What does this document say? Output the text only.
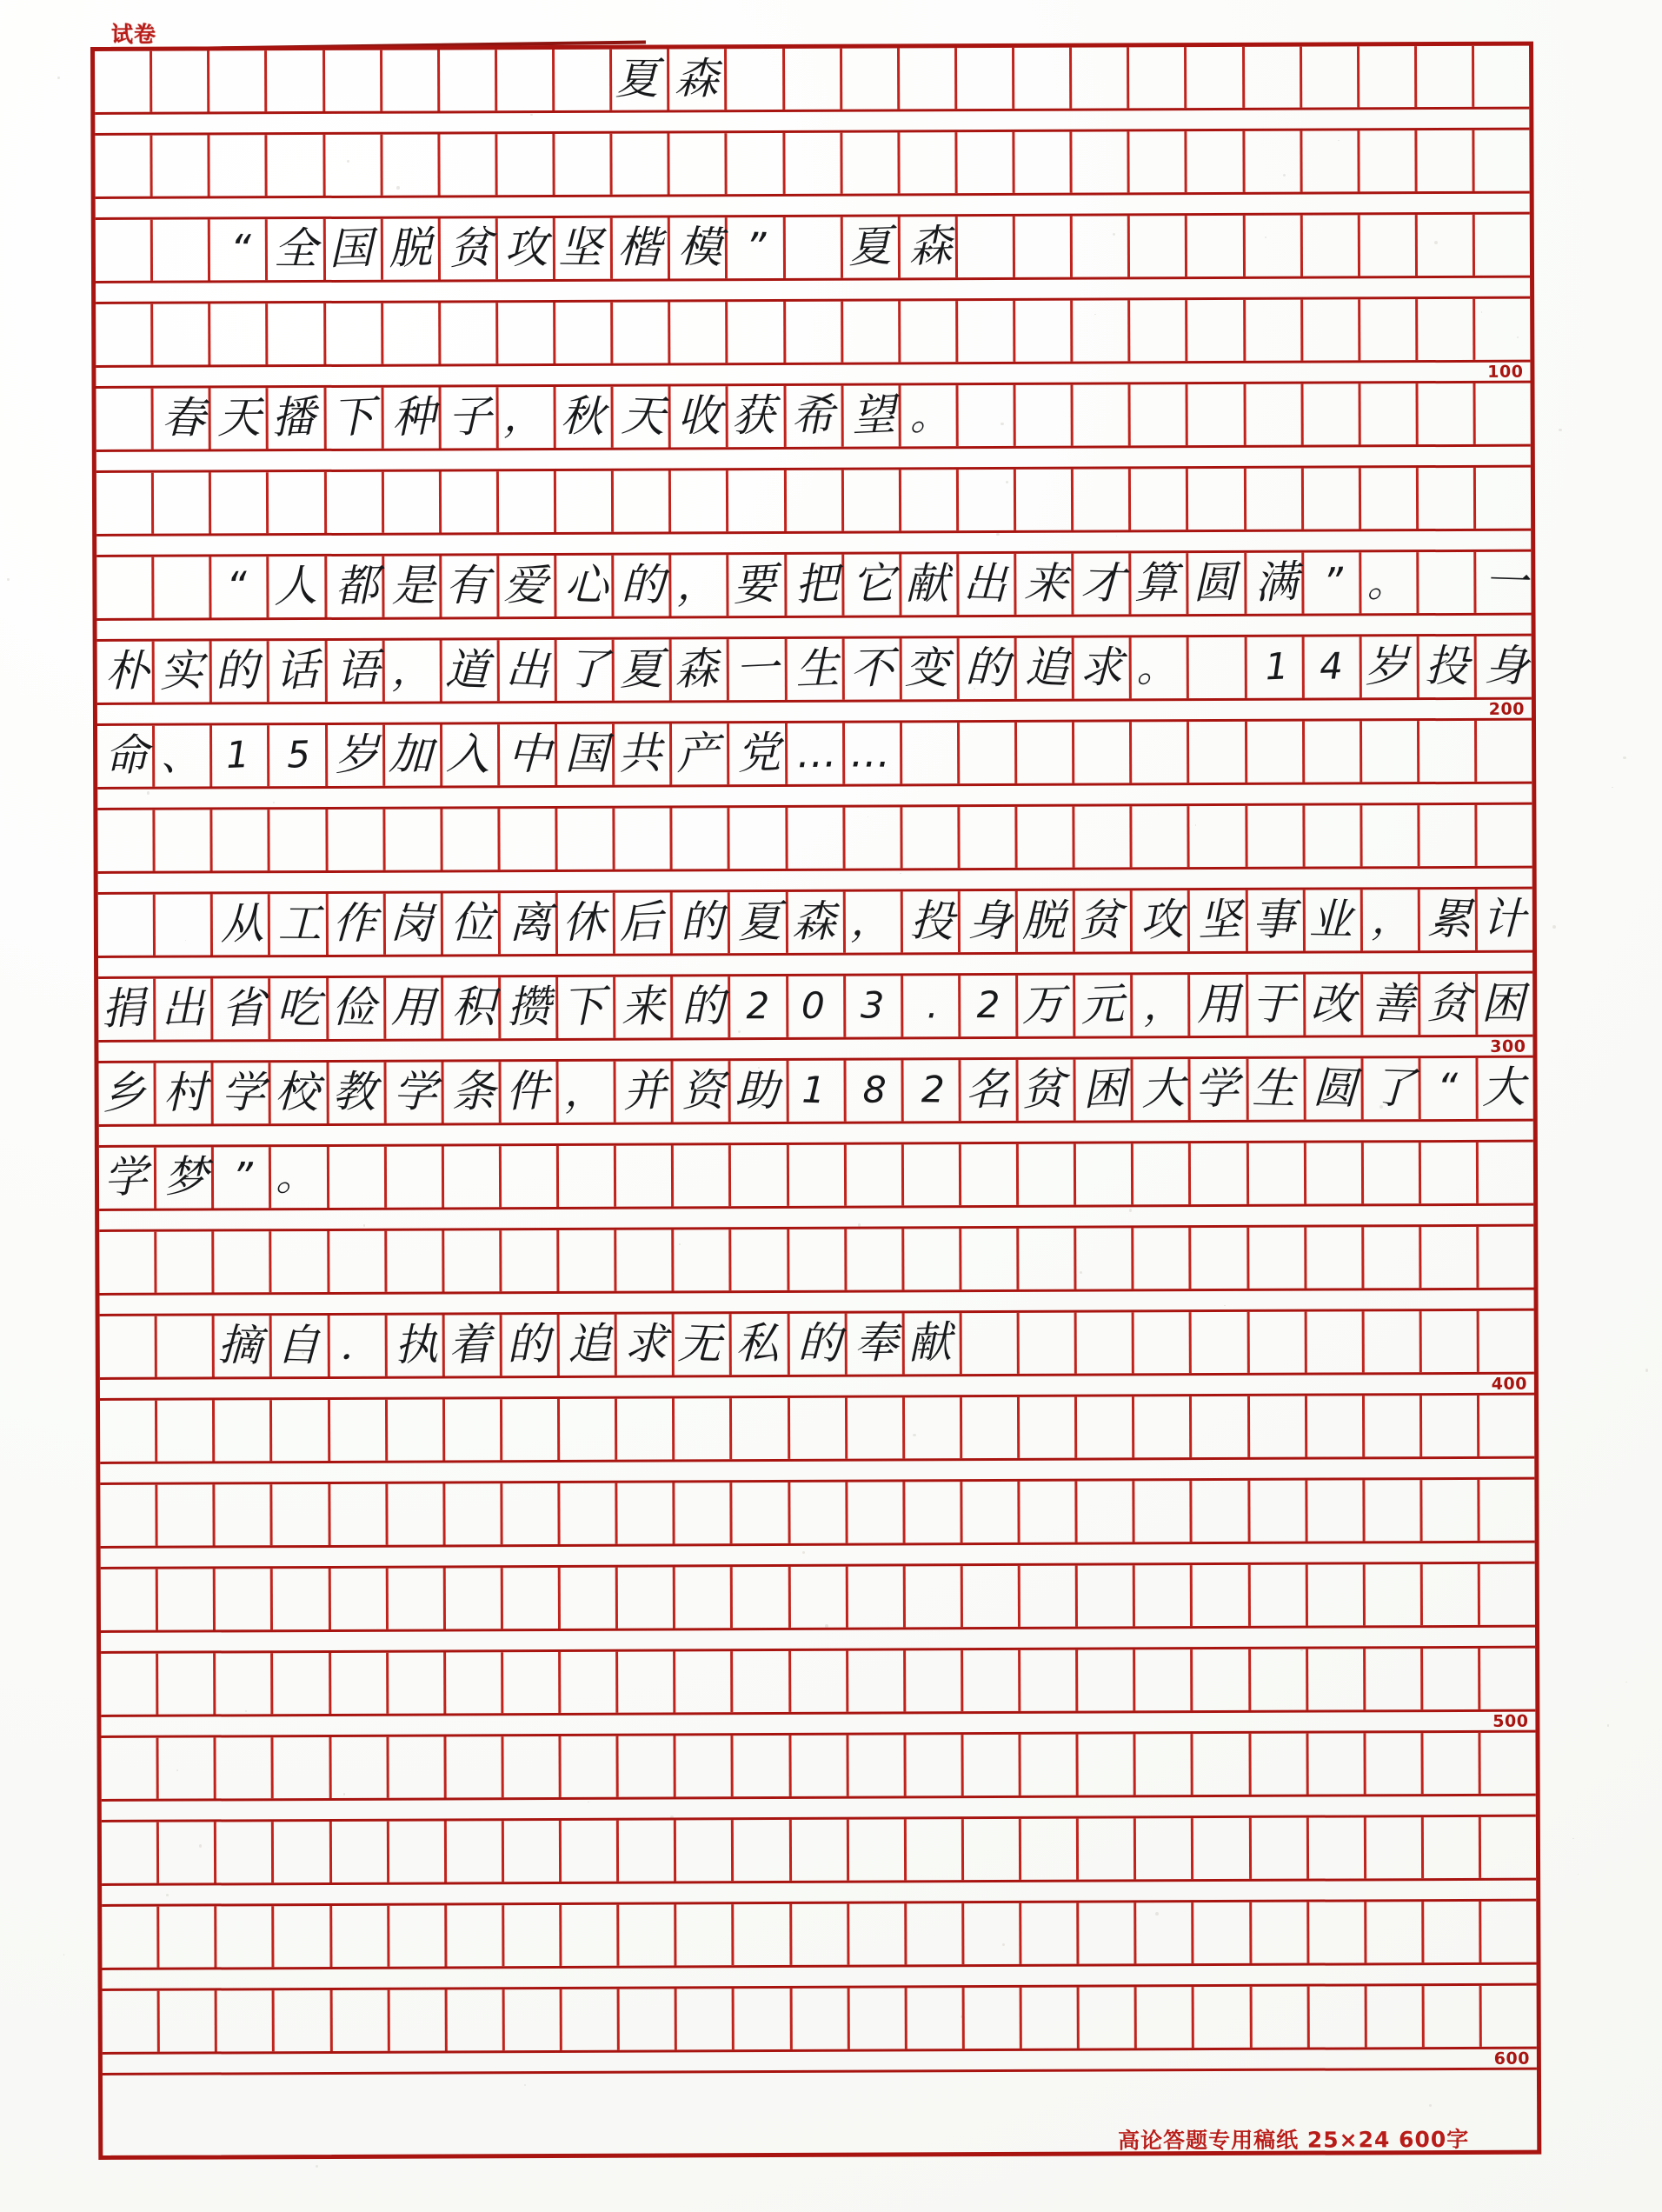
试卷
夏 森
“ 全 国 脱 贫 攻 坚 楷 模 ”	夏 森
100
春 天 播 下 种 子 ， 秋 天 收 获 希 望 。
“ 人 都 是 有 爱 心 的 ， 要 把 它 献 出 来 才 算 圆 满 ” 。 一
朴 实 的 话 语 ， 道 出 了 夏 森 一 生 不 变 的 追 求 。	1 4 岁 投 身
200
命 、 1 5 岁 加 入 中 国 共 产 党 … …
从 工 作 岗 位 离 休 后 的 夏 森 ， 投 身 脱 贫 攻 坚 事 业 ， 累 计
捐 出 省 吃 俭 用 积 攒 下 来 的 2 0 3	.	2 万 元 ， 用 于 改 善 贫 困
300
乡 村 学 校 教 学 条 件 ， 并 资 助 1 8 2 名 贫 困 大 学 生 圆 了 “ 大
学 梦 ” 。
摘 自 ． 执 着 的 追 求 无 私 的 奉 献
400
500
600
高论答题专用稿纸 25×24 600字
